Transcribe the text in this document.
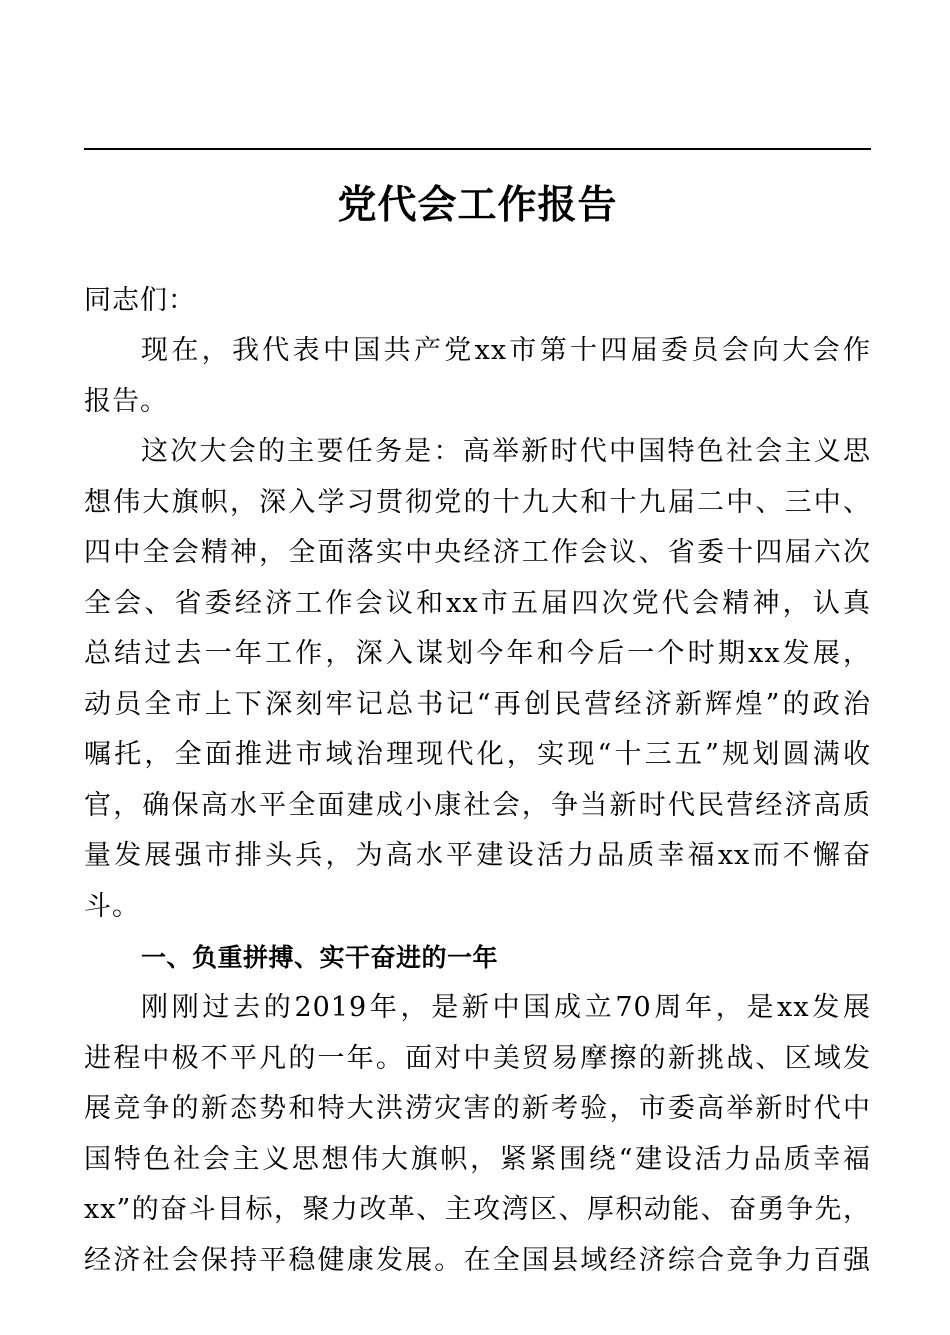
党代会工作报告
同志们：
现在，我代表中国共产党xx市第十四届委员会向大会作
报告。
这次大会的主要任务是：高举新时代中国特色社会主义思
想伟大旗帜，深入学习贯彻党的十九大和十九届二中、三中、
四中全会精神，全面落实中央经济工作会议、省委十四届六次
全会、省委经济工作会议和xx市五届四次党代会精神，认真
总结过去一年工作，深入谋划今年和今后一个时期xx发展，
动员全市上下深刻牢记总书记“再创民营经济新辉煌”的政治
嘱托，全面推进市域治理现代化，实现“十三五”规划圆满收
官，确保高水平全面建成小康社会，争当新时代民营经济高质
量发展强市排头兵，为高水平建设活力品质幸福xx而不懈奋
斗。
一、负重拼搏、实干奋进的一年
刚刚过去的2019年，是新中国成立70周年，是xx发展
进程中极不平凡的一年。面对中美贸易摩擦的新挑战、区域发
展竞争的新态势和特大洪涝灾害的新考验，市委高举新时代中
国特色社会主义思想伟大旗帜，紧紧围绕“建设活力品质幸福
xx”的奋斗目标，聚力改革、主攻湾区、厚积动能、奋勇争先，
经济社会保持平稳健康发展。在全国县域经济综合竞争力百强
